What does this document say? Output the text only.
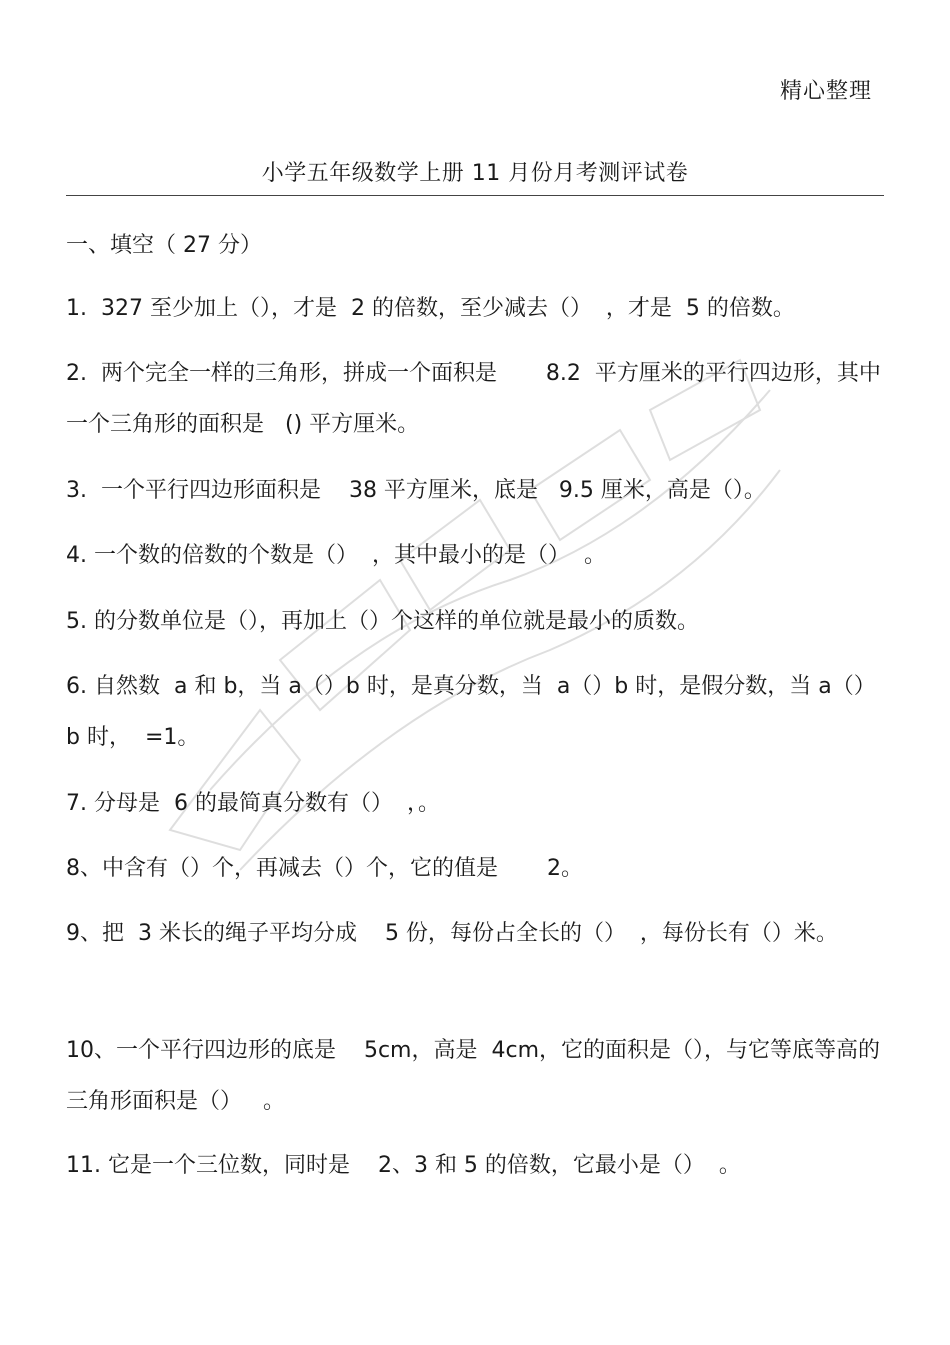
精心整理
小学五年级数学上册 11 月份月考测评试卷
一、填空（ 27 分）
1.  327 至少加上（），才是  2 的倍数，至少减去（）  ，才是  5 的倍数。
2.  两个完全一样的三角形，拼成一个面积是       8.2  平方厘米的平行四边形，其中一个三角形的面积是   () 平方厘米。
3.  一个平行四边形面积是    38 平方厘米，底是   9.5 厘米，高是（）。
4. 一个数的倍数的个数是（）  ，其中最小的是（）  。
5. 的分数单位是（），再加上（）个这样的单位就是最小的质数。
6. 自然数  a 和 b，当 a（）b 时，是真分数，当  a（）b 时，是假分数，当 a（） b 时，  =1。
7. 分母是  6 的最简真分数有（）  ，。
8、中含有（）个，再减去（）个，它的值是       2。
9、把  3 米长的绳子平均分成    5 份，每份占全长的（）  ，每份长有（）米。
10、一个平行四边形的底是    5cm，高是  4cm，它的面积是（），与它等底等高的三角形面积是（）   。
11. 它是一个三位数，同时是    2、3 和 5 的倍数，它最小是（）  。
